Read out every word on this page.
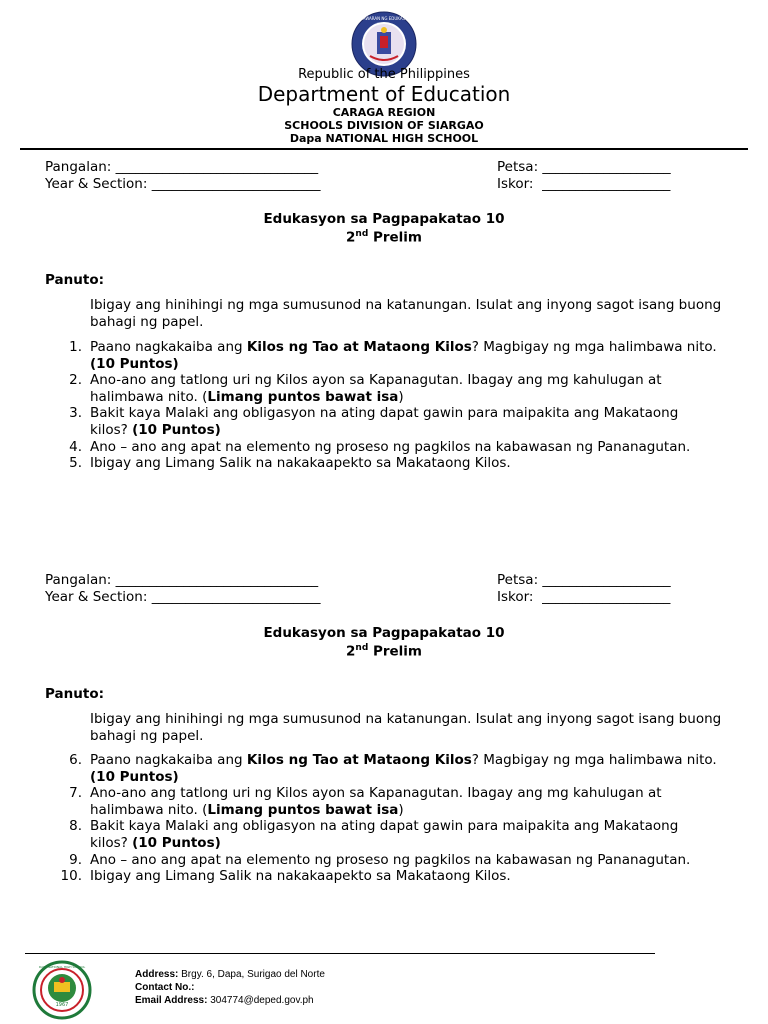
KAGAWARAN NG EDUKASYON
Republic of the Philippines
Department of Education
CARAGA REGION
SCHOOLS DIVISION OF SIARGAO
Dapa NATIONAL HIGH SCHOOL
Pangalan: ______________________________
Year & Section: _________________________
Petsa: ___________________
Iskor: ___________________
Edukasyon sa Pagpapakatao 10
2nd Prelim
Panuto:
Ibigay ang hinihingi ng mga sumusunod na katanungan. Isulat ang inyong sagot isang buong bahagi ng papel.
1. Paano nagkakaiba ang Kilos ng Tao at Mataong Kilos? Magbigay ng mga halimbawa nito. (10 Puntos)
2. Ano-ano ang tatlong uri ng Kilos ayon sa Kapanagutan. Ibagay ang mg kahulugan at halimbawa nito. (Limang puntos bawat isa)
3. Bakit kaya Malaki ang obligasyon na ating dapat gawin para maipakita ang Makataong kilos? (10 Puntos)
4. Ano – ano ang apat na elemento ng proseso ng pagkilos na kabawasan ng Pananagutan.
5. Ibigay ang Limang Salik na nakakaapekto sa Makataong Kilos.
Pangalan: ______________________________
Year & Section: _________________________
Petsa: ___________________
Iskor: ___________________
Edukasyon sa Pagpapakatao 10
2nd Prelim
Panuto:
Ibigay ang hinihingi ng mga sumusunod na katanungan. Isulat ang inyong sagot isang buong bahagi ng papel.
6. Paano nagkakaiba ang Kilos ng Tao at Mataong Kilos? Magbigay ng mga halimbawa nito. (10 Puntos)
7. Ano-ano ang tatlong uri ng Kilos ayon sa Kapanagutan. Ibagay ang mg kahulugan at halimbawa nito. (Limang puntos bawat isa)
8. Bakit kaya Malaki ang obligasyon na ating dapat gawin para maipakita ang Makataong kilos? (10 Puntos)
9. Ano – ano ang apat na elemento ng proseso ng pagkilos na kabawasan ng Pananagutan.
10. Ibigay ang Limang Salik na nakakaapekto sa Makataong Kilos.
1967
DAPA NATIONAL HIGH SCHOOL
Address: Brgy. 6, Dapa, Surigao del Norte
Contact No.:
Email Address: 304774@deped.gov.ph
